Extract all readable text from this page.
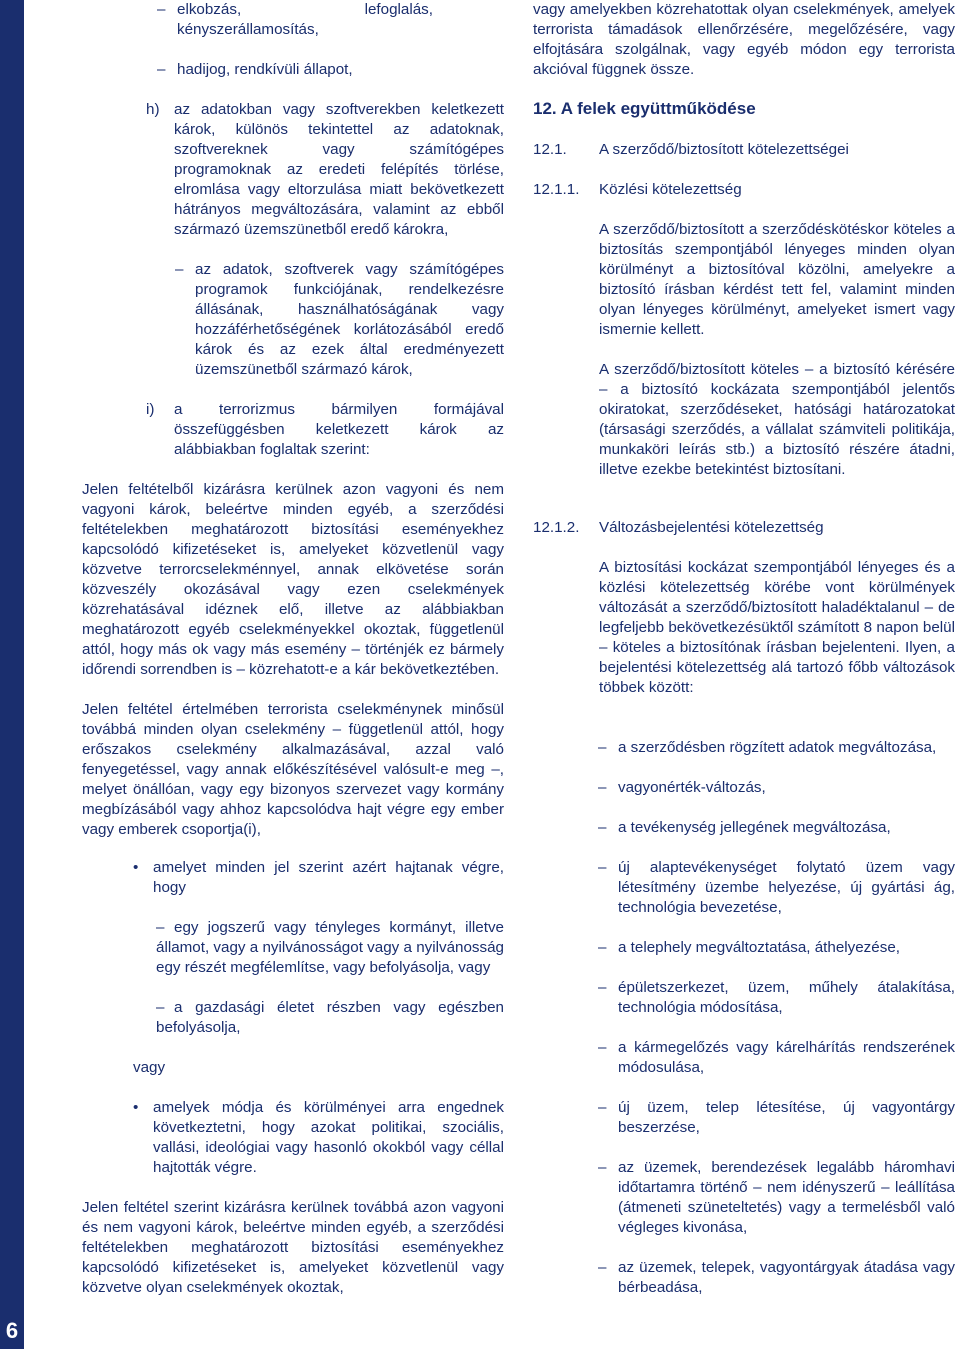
6
– elkobzás, lefoglalás, kényszerállamosítás,
– hadijog, rendkívüli állapot,
h) az adatokban vagy szoftverekben keletkezett károk, különös tekintettel az adatoknak, szoftvereknek vagy számítógépes programoknak az eredeti felépítés törlése, elromlása vagy eltorzulása miatt bekövetkezett hátrányos megváltozására, valamint az ebből származó üzemszünetből eredő károkra,
– az adatok, szoftverek vagy számítógépes programok funkciójának, rendelkezésre állásának, használhatóságának vagy hozzáférhetőségének korlátozásából eredő károk és az ezek által eredményezett üzemszünetből származó károk,
i) a terrorizmus bármilyen formájával összefüggésben keletkezett károk az alábbiakban foglaltak szerint:
Jelen feltételből kizárásra kerülnek azon vagyoni és nem vagyoni károk, beleértve minden egyéb, a szerződési feltételekben meghatározott biztosítási eseményekhez kapcsolódó kifizetéseket is, amelyeket közvetlenül vagy közvetve terrorcselekménnyel, annak elkövetése során közveszély okozásával vagy ezen cselekmények közrehatásával idéznek elő, illetve az alábbiakban meghatározott egyéb cselekményekkel okoztak, függetlenül attól, hogy más ok vagy más esemény – történjék ez bármely időrendi sorrendben is – közrehatott-e a kár bekövetkeztében.
Jelen feltétel értelmében terrorista cselekménynek minősül továbbá minden olyan cselekmény – függetlenül attól, hogy erőszakos cselekmény alkalmazásával, azzal való fenyegetéssel, vagy annak előkészítésével valósult-e meg –, melyet önállóan, vagy egy bizonyos szervezet vagy kormány megbízásából vagy ahhoz kapcsolódva hajt végre egy ember vagy emberek csoportja(i),
• amelyet minden jel szerint azért hajtanak végre, hogy
– egy jogszerű vagy tényleges kormányt, illetve államot, vagy a nyilvánosságot vagy a nyilvánosság egy részét megfélemlítse, vagy befolyásolja, vagy
– a gazdasági életet részben vagy egészben befolyásolja,
vagy
• amelyek módja és körülményei arra engednek következtetni, hogy azokat politikai, szociális, vallási, ideológiai vagy hasonló okokból vagy céllal hajtották végre.
Jelen feltétel szerint kizárásra kerülnek továbbá azon vagyoni és nem vagyoni károk, beleértve minden egyéb, a szerződési feltételekben meghatározott biztosítási eseményekhez kapcsolódó kifizetéseket is, amelyeket közvetlenül vagy közvetve olyan cselekmények okoztak,
vagy amelyekben közrehatottak olyan cselekmények, amelyek terrorista támadások ellenőrzésére, megelőzésére, vagy elfojtására szolgálnak, vagy egyéb módon egy terrorista akcióval függnek össze.
12. A felek együttműködése
12.1. A szerződő/biztosított kötelezettségei
12.1.1. Közlési kötelezettség
A szerződő/biztosított a szerződéskötéskor köteles a biztosítás szempontjából lényeges minden olyan körülményt a biztosítóval közölni, amelyekre a biztosító írásban kérdést tett fel, valamint minden olyan lényeges körülményt, amelyeket ismert vagy ismernie kellett.
A szerződő/biztosított köteles – a biztosító kérésére – a biztosító kockázata szempontjából jelentős okiratokat, szerződéseket, hatósági határozatokat (társasági szerződés, a vállalat számviteli politikája, munkaköri leírás stb.) a biztosító részére átadni, illetve ezekbe betekintést biztosítani.
12.1.2. Változásbejelentési kötelezettség
A biztosítási kockázat szempontjából lényeges és a közlési kötelezettség körébe vont körülmények változását a szerződő/biztosított haladéktalanul – de legfeljebb bekövetkezésüktől számított 8 napon belül – köteles a biztosítónak írásban bejelenteni. Ilyen, a bejelentési kötelezettség alá tartozó főbb változások többek között:
– a szerződésben rögzített adatok megváltozása,
– vagyonérték-változás,
– a tevékenység jellegének megváltozása,
– új alaptevékenységet folytató üzem vagy létesítmény üzembe helyezése, új gyártási ág, technológia bevezetése,
– a telephely megváltoztatása, áthelyezése,
– épületszerkezet, üzem, műhely átalakítása, technológia módosítása,
– a kármegelőzés vagy kárelhárítás rendszerének módosulása,
– új üzem, telep létesítése, új vagyontárgy beszerzése,
– az üzemek, berendezések legalább háromhavi időtartamra történő – nem idényszerű – leállítása (átmeneti szüneteltetés) vagy a termelésből való végleges kivonása,
– az üzemek, telepek, vagyontárgyak átadása vagy bérbeadása,
